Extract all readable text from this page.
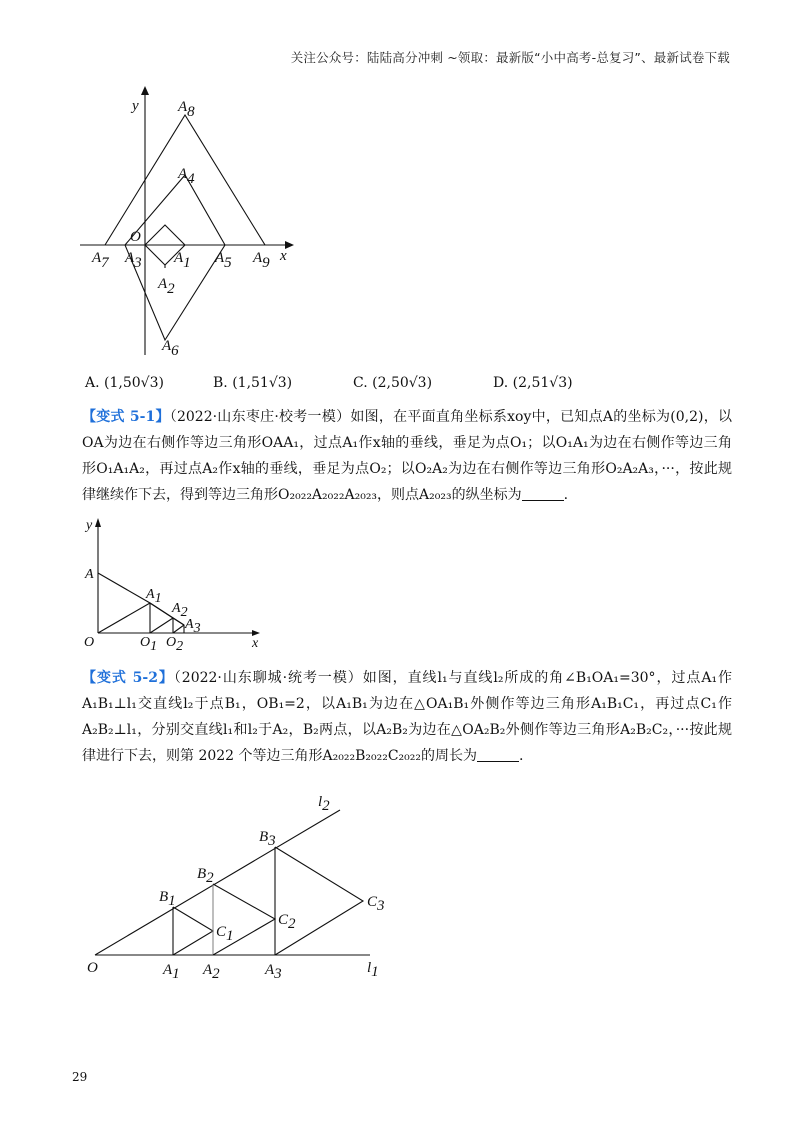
关注公众号：陆陆高分冲刺 ~领取：最新版“小中高考-总复习”、最新试卷下载
y
x
O
A8
A4
A7 A3 A1 A5 A9
A2
A6
A. (1,50√3)	B. (1,51√3)	C. (2,50√3)	D. (2,51√3)
【变式 5-1】（2022·山东枣庄·校考一模）如图，在平面直角坐标系xoy中，已知点A的坐标为(0,2)，以OA为边在右侧作等边三角形OAA₁，过点A₁作x轴的垂线，垂足为点O₁；以O₁A₁为边在右侧作等边三角形O₁A₁A₂，再过点A₂作x轴的垂线，垂足为点O₂；以O₂A₂为边在右侧作等边三角形O₂A₂A₃，···，按此规律继续作下去，得到等边三角形O₂₀₂₂A₂₀₂₂A₂₀₂₃，则点A₂₀₂₃的纵坐标为	.
y
x
O
A
A1
A2
A3
O1 O2
【变式 5-2】（2022·山东聊城·统考一模）如图，直线l₁与直线l₂所成的角∠B₁OA₁=30°，过点A₁作A₁B₁⊥l₁交直线l₂于点B₁，OB₁=2，以A₁B₁为边在△OA₁B₁外侧作等边三角形A₁B₁C₁，再过点C₁作A₂B₂⊥l₁，分别交直线l₁和l₂于A₂，B₂两点，以A₂B₂为边在△OA₂B₂外侧作等边三角形A₂B₂C₂，···按此规律进行下去，则第 2022 个等边三角形A₂₀₂₂B₂₀₂₂C₂₀₂₂的周长为	.
O	l1
l2
B1
B2
B3
C1
C2
C3
A1 A2	A3
29
